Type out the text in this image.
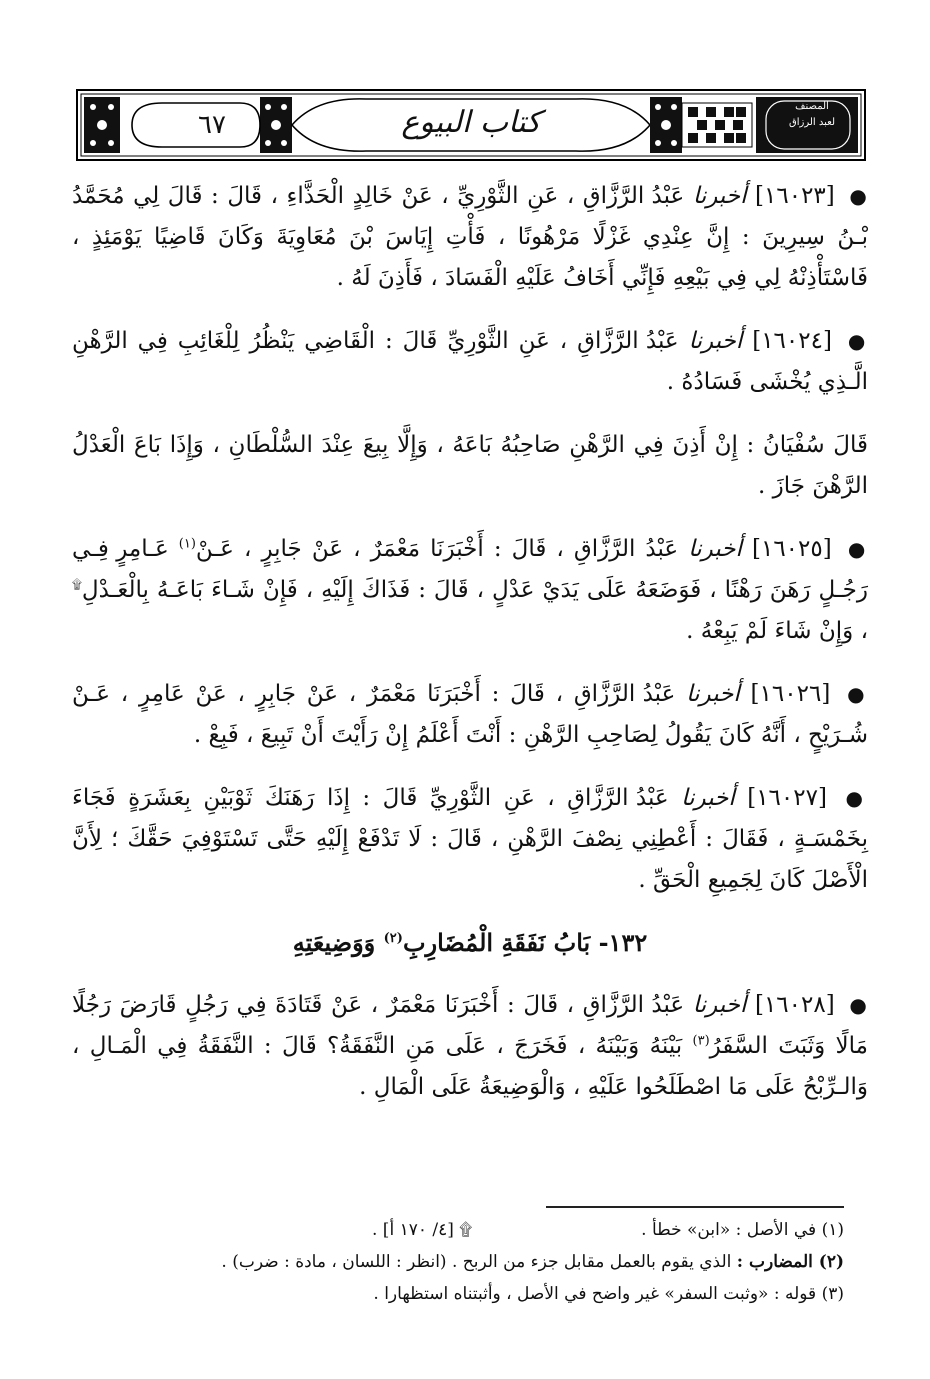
٦٧	كتاب البيوع	المصنف
لعبد الرزاق

● [١٦٠٢٣] أخبرنا عَبْدُ الرَّزَّاقِ ، عَنِ الثَّوْرِيِّ ، عَنْ خَالِدٍ الْحَذَّاءِ ، قَالَ : قَالَ لِي مُحَمَّدُ بْـنُ سِيرِينَ : إِنَّ عِنْدِي غَزْلًا مَرْهُونًا ، فَأْتِ إِيَاسَ بْنَ مُعَاوِيَةَ وَكَانَ قَاضِيًا يَوْمَئِذٍ ، فَاسْتَأْذِنْهُ لِي فِي بَيْعِهِ فَإِنِّي أَخَافُ عَلَيْهِ الْفَسَادَ ، فَأَذِنَ لَهُ .

● [١٦٠٢٤] أخبرنا عَبْدُ الرَّزَّاقِ ، عَنِ الثَّوْرِيِّ قَالَ : الْقَاضِي يَنْظُرُ لِلْغَائِبِ فِي الرَّهْنِ الَّـذِي يُخْشَى فَسَادُهُ .

قَالَ سُفْيَانُ : إِنْ أَذِنَ فِي الرَّهْنِ صَاحِبُهُ بَاعَهُ ، وَإِلَّا بِيعَ عِنْدَ السُّلْطَانِ ، وَإِذَا بَاعَ الْعَدْلُ الرَّهْنَ جَازَ .

● [١٦٠٢٥] أخبرنا عَبْدُ الرَّزَّاقِ ، قَالَ : أَخْبَرَنَا مَعْمَرٌ ، عَنْ جَابِرٍ ، عَـنْ$^{(١)}$ عَـامِرٍ فِـي رَجُـلٍ رَهَنَ رَهْنًا ، فَوَضَعَهُ عَلَى يَدَيْ عَدْلٍ ، قَالَ : فَذَاكَ إِلَيْهِ ، فَإِنْ شَـاءَ بَاعَـهُ بِالْعَـدْلِ۩ ، وَإِنْ شَاءَ لَمْ يَبِعْهُ .

● [١٦٠٢٦] أخبرنا عَبْدُ الرَّزَّاقِ ، قَالَ : أَخْبَرَنَا مَعْمَرٌ ، عَنْ جَابِرٍ ، عَنْ عَامِرٍ ، عَـنْ شُـرَيْحٍ ، أَنَّهُ كَانَ يَقُولُ لِصَاحِبِ الرَّهْنِ : أَنْتَ أَعْلَمُ إِنْ رَأَيْتَ أَنْ تَبِيعَ ، فَبِعْ .

● [١٦٠٢٧] أخبرنا عَبْدُ الرَّزَّاقِ ، عَنِ الثَّوْرِيِّ قَالَ : إِذَا رَهَنَكَ ثَوْبَيْنِ بِعَشَرَةٍ فَجَاءَ بِخَمْسَـةٍ ، فَقَالَ : أَعْطِنِي نِصْفَ الرَّهْنِ ، قَالَ : لَا تَدْفَعْ إِلَيْهِ حَتَّى تَسْتَوْفِيَ حَقَّكَ ؛ لِأَنَّ الْأَصْلَ كَانَ لِجَمِيعِ الْحَقِّ .

١٣٢- بَابُ نَفَقَةِ الْمُضَارِبِ$^{(٢)}$ وَوَضِيعَتِهِ

● [١٦٠٢٨] أخبرنا عَبْدُ الرَّزَّاقِ ، قَالَ : أَخْبَرَنَا مَعْمَرٌ ، عَنْ قَتَادَةَ فِي رَجُلٍ قَارَضَ رَجُلًا مَالًا وَثَبَتَ السَّفَرُ$^{(٣)}$ بَيْنَهُ وَبَيْنَهُ ، فَخَرَجَ ، عَلَى مَنِ النَّفَقَةُ؟ قَالَ : النَّفَقَةُ فِي الْمَـالِ ، وَالـرِّبْحُ عَلَى مَا اصْطَلَحُوا عَلَيْهِ ، وَالْوَضِيعَةُ عَلَى الْمَالِ .

(١) في الأصل : «ابن» خطأ .
۩ [٤/ ١٧٠ أ] .
(٢) المضارب : الذي يقوم بالعمل مقابل جزء من الربح . (انظر : اللسان ، مادة : ضرب) .
(٣) قوله : «وثبت السفر» غير واضح في الأصل ، وأثبتناه استظهارا .
